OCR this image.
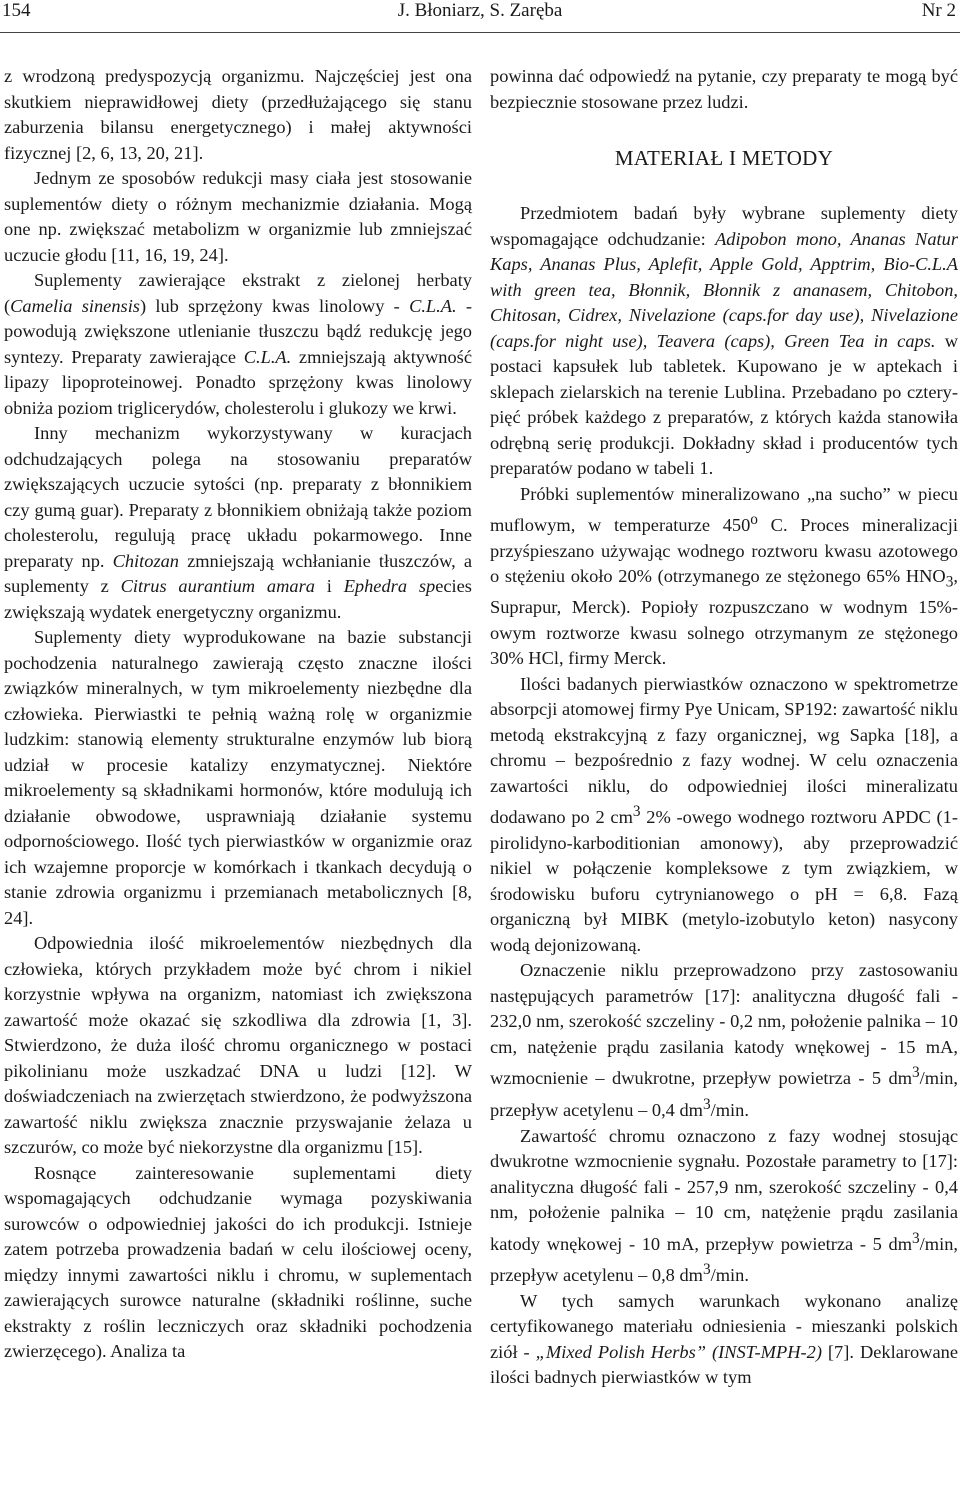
154	J. Błoniarz, S. Zaręba	Nr 2

z wrodzoną predyspozycją organizmu. Najczęściej jest ona skutkiem nieprawidłowej diety (przedłużającego się stanu zaburzenia bilansu energetycznego) i małej aktywności fizycznej [2, 6, 13, 20, 21].

Jednym ze sposobów redukcji masy ciała jest stosowanie suplementów diety o różnym mechanizmie działania. Mogą one np. zwiększać metabolizm w organizmie lub zmniejszać uczucie głodu [11, 16, 19, 24].

Suplementy zawierające ekstrakt z zielonej herbaty (Camelia sinensis) lub sprzężony kwas linolowy - C.L.A. - powodują zwiększone utlenianie tłuszczu bądź redukcję jego syntezy. Preparaty zawierające C.L.A. zmniejszają aktywność lipazy lipoproteinowej. Ponadto sprzężony kwas linolowy obniża poziom triglicerydów, cholesterolu i glukozy we krwi.

Inny mechanizm wykorzystywany w kuracjach odchudzających polega na stosowaniu preparatów zwiększających uczucie sytości (np. preparaty z błonnikiem czy gumą guar). Preparaty z błonnikiem obniżają także poziom cholesterolu, regulują pracę układu pokarmowego. Inne preparaty np. Chitozan zmniejszają wchłanianie tłuszczów, a suplementy z Citrus aurantium amara i Ephedra species zwiększają wydatek energetyczny organizmu.

Suplementy diety wyprodukowane na bazie substancji pochodzenia naturalnego zawierają często znaczne ilości związków mineralnych, w tym mikroelementy niezbędne dla człowieka. Pierwiastki te pełnią ważną rolę w organizmie ludzkim: stanowią elementy strukturalne enzymów lub biorą udział w procesie katalizy enzymatycznej. Niektóre mikroelementy są składnikami hormonów, które modulują ich działanie obwodowe, usprawniają działanie systemu odpornościowego. Ilość tych pierwiastków w organizmie oraz ich wzajemne proporcje w komórkach i tkankach decydują o stanie zdrowia organizmu i przemianach metabolicznych [8, 24].

Odpowiednia ilość mikroelementów niezbędnych dla człowieka, których przykładem może być chrom i nikiel korzystnie wpływa na organizm, natomiast ich zwiększona zawartość może okazać się szkodliwa dla zdrowia [1, 3]. Stwierdzono, że duża ilość chromu organicznego w postaci pikolinianu może uszkadzać DNA u ludzi [12]. W doświadczeniach na zwierzętach stwierdzono, że podwyższona zawartość niklu zwiększa znacznie przyswajanie żelaza u szczurów, co może być niekorzystne dla organizmu [15].

Rosnące zainteresowanie suplementami diety wspomagających odchudzanie wymaga pozyskiwania surowców o odpowiedniej jakości do ich produkcji. Istnieje zatem potrzeba prowadzenia badań w celu ilościowej oceny, między innymi zawartości niklu i chromu, w suplementach zawierających surowce naturalne (składniki roślinne, suche ekstrakty z roślin leczniczych oraz składniki pochodzenia zwierzęcego). Analiza ta

powinna dać odpowiedź na pytanie, czy preparaty te mogą być bezpiecznie stosowane przez ludzi.

MATERIAŁ I METODY

Przedmiotem badań były wybrane suplementy diety wspomagające odchudzanie: Adipobon mono, Ananas Natur Kaps, Ananas Plus, Aplefit, Apple Gold, Apptrim, Bio-C.L.A with green tea, Błonnik, Błonnik z ananasem, Chitobon, Chitosan, Cidrex, Nivelazione (caps.for day use), Nivelazione (caps.for night use), Teavera (caps), Green Tea in caps. w postaci kapsułek lub tabletek. Kupowano je w aptekach i sklepach zielarskich na terenie Lublina. Przebadano po cztery-pięć próbek każdego z preparatów, z których każda stanowiła odrębną serię produkcji. Dokładny skład i producentów tych preparatów podano w tabeli 1.

Próbki suplementów mineralizowano „na sucho” w piecu muflowym, w temperaturze 450$^o$ C. Proces mineralizacji przyśpieszano używając wodnego roztworu kwasu azotowego o stężeniu około 20% (otrzymanego ze stężonego 65% $HNO_3$, Suprapur, Merck). Popioły rozpuszczano w wodnym 15%- owym roztworze kwasu solnego otrzymanym ze stężonego 30% HCl, firmy Merck.

Ilości badanych pierwiastków oznaczono w spektrometrze absorpcji atomowej firmy Pye Unicam, SP192: zawartość niklu metodą ekstrakcyjną z fazy organicznej, wg Sapka [18], a chromu – bezpośrednio z fazy wodnej. W celu oznaczenia zawartości niklu, do odpowiedniej ilości mineralizatu dodawano po 2 $cm^3$ 2% -owego wodnego roztworu APDC (1-pirolidyno-karboditionian amonowy), aby przeprowadzić nikiel w połączenie kompleksowe z tym związkiem, w środowisku buforu cytrynianowego o pH = 6,8. Fazą organiczną był MIBK (metylo-izobutylo keton) nasycony wodą dejonizowaną.

Oznaczenie niklu przeprowadzono przy zastosowaniu następujących parametrów [17]: analityczna długość fali - 232,0 nm, szerokość szczeliny - 0,2 nm, położenie palnika – 10 cm, natężenie prądu zasilania katody wnękowej - 15 mA, wzmocnienie – dwukrotne, przepływ powietrza - 5 $dm^3/\min$, przepływ acetylenu – 0,4 $dm^3/\min$.

Zawartość chromu oznaczono z fazy wodnej stosując dwukrotne wzmocnienie sygnału. Pozostałe parametry to [17]: analityczna długość fali - 257,9 nm, szerokość szczeliny - 0,4 nm, położenie palnika – 10 cm, natężenie prądu zasilania katody wnękowej - 10 mA, przepływ powietrza - 5 $dm^3/\min$, przepływ acetylenu – 0,8 $dm^3/\min$.

W tych samych warunkach wykonano analizę certyfikowanego materiału odniesienia - mieszanki polskich ziół - „Mixed Polish Herbs” (INST-MPH-2) [7]. Deklarowane ilości badnych pierwiastków w tym
